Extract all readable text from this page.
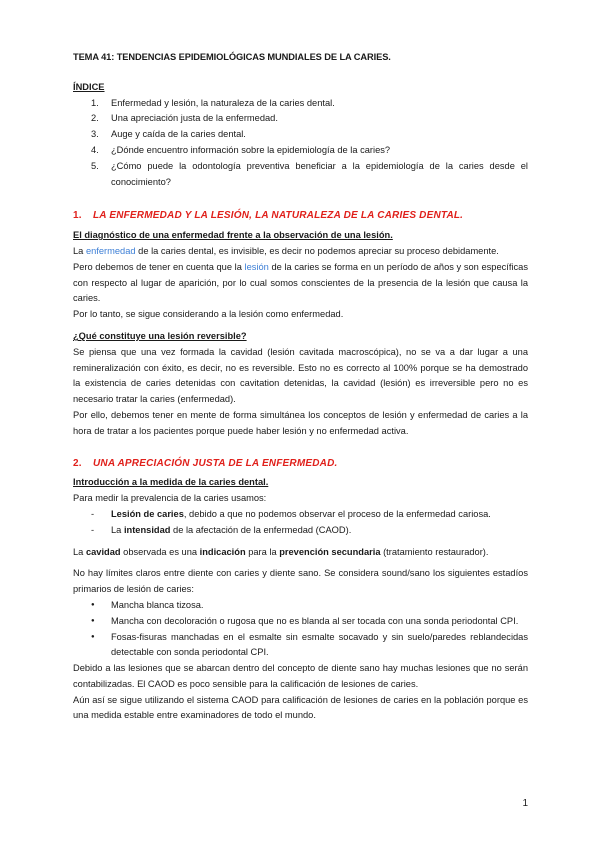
TEMA 41: TENDENCIAS EPIDEMIOLÓGICAS MUNDIALES DE LA CARIES.

ÍNDICE

Enfermedad y lesión, la naturaleza de la caries dental.
Una apreciación justa de la enfermedad.
Auge y caída de la caries dental.
¿Dónde encuentro información sobre la epidemiología de la caries?
¿Cómo puede la odontología preventiva beneficiar a la epidemiología de la caries desde el conocimiento?
1. LA ENFERMEDAD Y LA LESIÓN, LA NATURALEZA DE LA CARIES DENTAL.

El diagnóstico de una enfermedad frente a la observación de una lesión.

La enfermedad de la caries dental, es invisible, es decir no podemos apreciar su proceso debidamente.

Pero debemos de tener en cuenta que la lesión de la caries se forma en un período de años y son específicas con respecto al lugar de aparición, por lo cual somos conscientes de la presencia de la lesión que causa la caries.

Por lo tanto, se sigue considerando a la lesión como enfermedad.

¿Qué constituye una lesión reversible?

Se piensa que una vez formada la cavidad (lesión cavitada macroscópica), no se va a dar lugar a una remineralización con éxito, es decir, no es reversible. Esto no es correcto al 100% porque se ha demostrado la existencia de caries detenidas con cavitation detenidas, la cavidad (lesión) es irreversible pero no es necesario tratar la caries (enfermedad).

Por ello, debemos tener en mente de forma simultánea los conceptos de lesión y enfermedad de caries a la hora de tratar a los pacientes porque puede haber lesión y no enfermedad activa.

2. UNA APRECIACIÓN JUSTA DE LA ENFERMEDAD.

Introducción a la medida de la caries dental.

Para medir la prevalencia de la caries usamos:

- Lesión de caries, debido a que no podemos observar el proceso de la enfermedad cariosa.
- La intensidad de la afectación de la enfermedad (CAOD).

La cavidad observada es una indicación para la prevención secundaria (tratamiento restaurador).

No hay límites claros entre diente con caries y diente sano. Se considera sound/sano los siguientes estadíos primarios de lesión de caries:

● Mancha blanca tizosa.
● Mancha con decoloración o rugosa que no es blanda al ser tocada con una sonda periodontal CPI.
● Fosas-fisuras manchadas en el esmalte sin esmalte socavado y sin suelo/paredes reblandecidas detectable con sonda periodontal CPI.

Debido a las lesiones que se abarcan dentro del concepto de diente sano hay muchas lesiones que no serán contabilizadas. El CAOD es poco sensible para la calificación de lesiones de caries.

Aún así se sigue utilizando el sistema CAOD para calificación de lesiones de caries en la población porque es una medida estable entre examinadores de todo el mundo.

1
